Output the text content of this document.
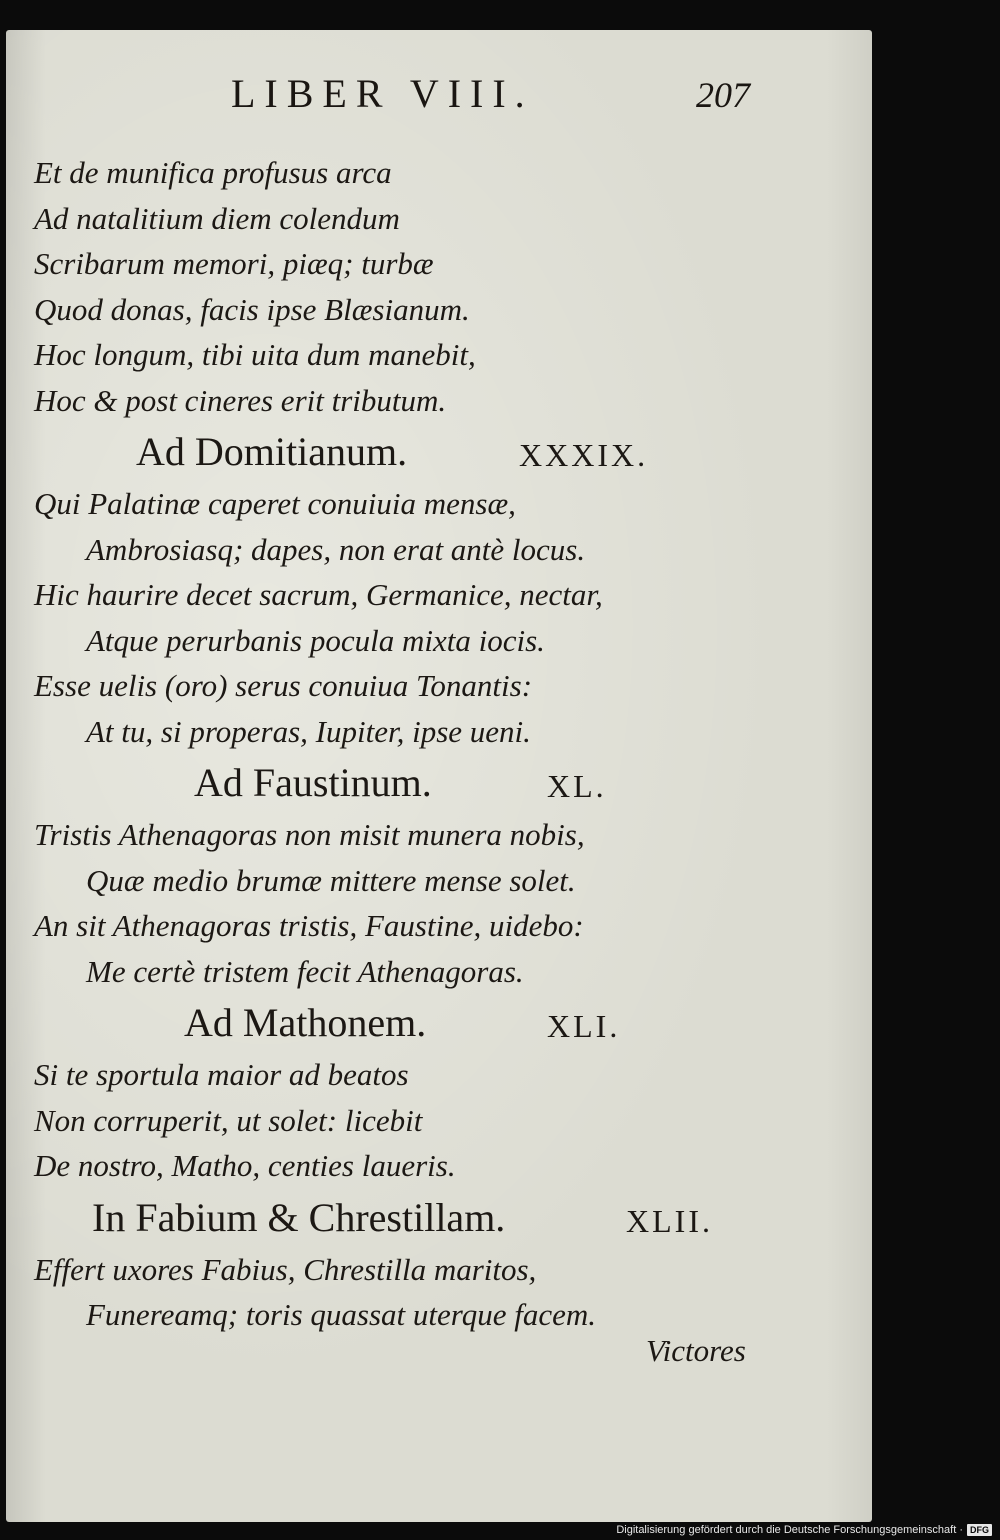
LIBER VIII.	207
Et de munifica profusus arca
Ad natalitium diem colendum
Scribarum memori, piæq; turbæ
Quod donas, facis ipse Blæsianum.
Hoc longum, tibi uita dum manebit,
Hoc & post cineres erit tributum.
Ad Domitianum.	XXXIX.
Qui Palatinæ caperet conuiuia mensæ,
Ambrosiasq; dapes, non erat antè locus.
Hic haurire decet sacrum, Germanice, nectar,
Atque perurbanis pocula mixta iocis.
Esse uelis (oro) serus conuiua Tonantis:
At tu, si properas, Iupiter, ipse ueni.
Ad Faustinum.	XL.
Tristis Athenagoras non misit munera nobis,
Quæ medio brumæ mittere mense solet.
An sit Athenagoras tristis, Faustine, uidebo:
Me certè tristem fecit Athenagoras.
Ad Mathonem.	XLI.
Si te sportula maior ad beatos
Non corruperit, ut solet: licebit
De nostro, Matho, centies laueris.
In Fabium & Chrestillam.	XLII.
Effert uxores Fabius, Chrestilla maritos,
Funereamq; toris quassat uterque facem.
Victores
Digitalisierung gefördert durch die Deutsche Forschungsgemeinschaft · DFG
